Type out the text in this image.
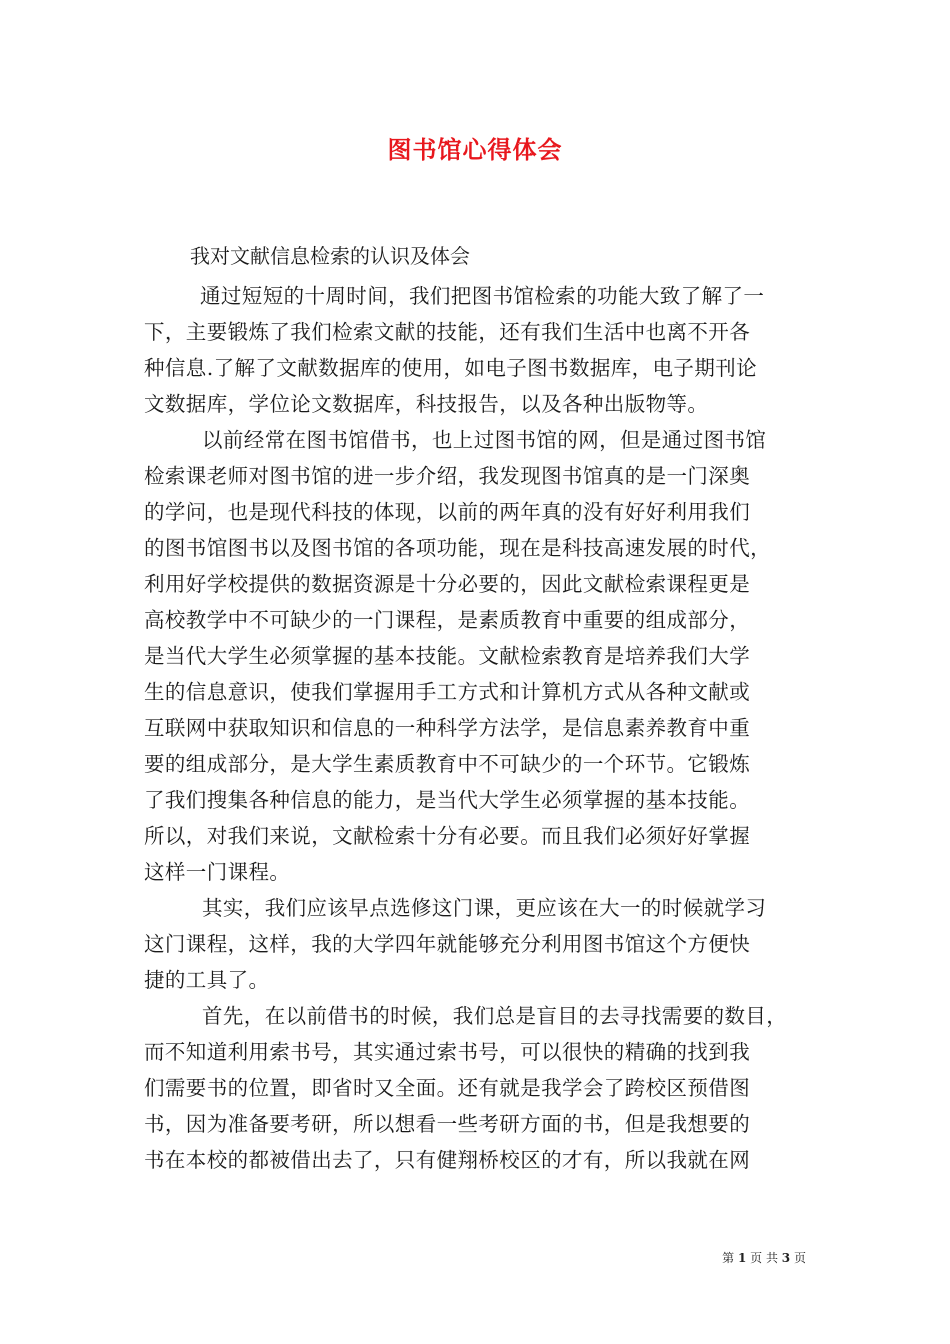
图书馆心得体会
我对文献信息检索的认识及体会
通过短短的十周时间，我们把图书馆检索的功能大致了解了一
下，主要锻炼了我们检索文献的技能，还有我们生活中也离不开各
种信息.了解了文献数据库的使用，如电子图书数据库，电子期刊论
文数据库，学位论文数据库，科技报告，以及各种出版物等。
以前经常在图书馆借书，也上过图书馆的网，但是通过图书馆
检索课老师对图书馆的进一步介绍，我发现图书馆真的是一门深奥
的学问，也是现代科技的体现，以前的两年真的没有好好利用我们
的图书馆图书以及图书馆的各项功能，现在是科技高速发展的时代，
利用好学校提供的数据资源是十分必要的，因此文献检索课程更是
高校教学中不可缺少的一门课程，是素质教育中重要的组成部分，
是当代大学生必须掌握的基本技能。文献检索教育是培养我们大学
生的信息意识，使我们掌握用手工方式和计算机方式从各种文献或
互联网中获取知识和信息的一种科学方法学，是信息素养教育中重
要的组成部分，是大学生素质教育中不可缺少的一个环节。它锻炼
了我们搜集各种信息的能力，是当代大学生必须掌握的基本技能。
所以，对我们来说，文献检索十分有必要。而且我们必须好好掌握
这样一门课程。
其实，我们应该早点选修这门课，更应该在大一的时候就学习
这门课程，这样，我的大学四年就能够充分利用图书馆这个方便快
捷的工具了。
首先，在以前借书的时候，我们总是盲目的去寻找需要的数目，
而不知道利用索书号，其实通过索书号，可以很快的精确的找到我
们需要书的位置，即省时又全面。还有就是我学会了跨校区预借图
书，因为准备要考研，所以想看一些考研方面的书，但是我想要的
书在本校的都被借出去了，只有健翔桥校区的才有，所以我就在网
第 1 页 共 3 页
